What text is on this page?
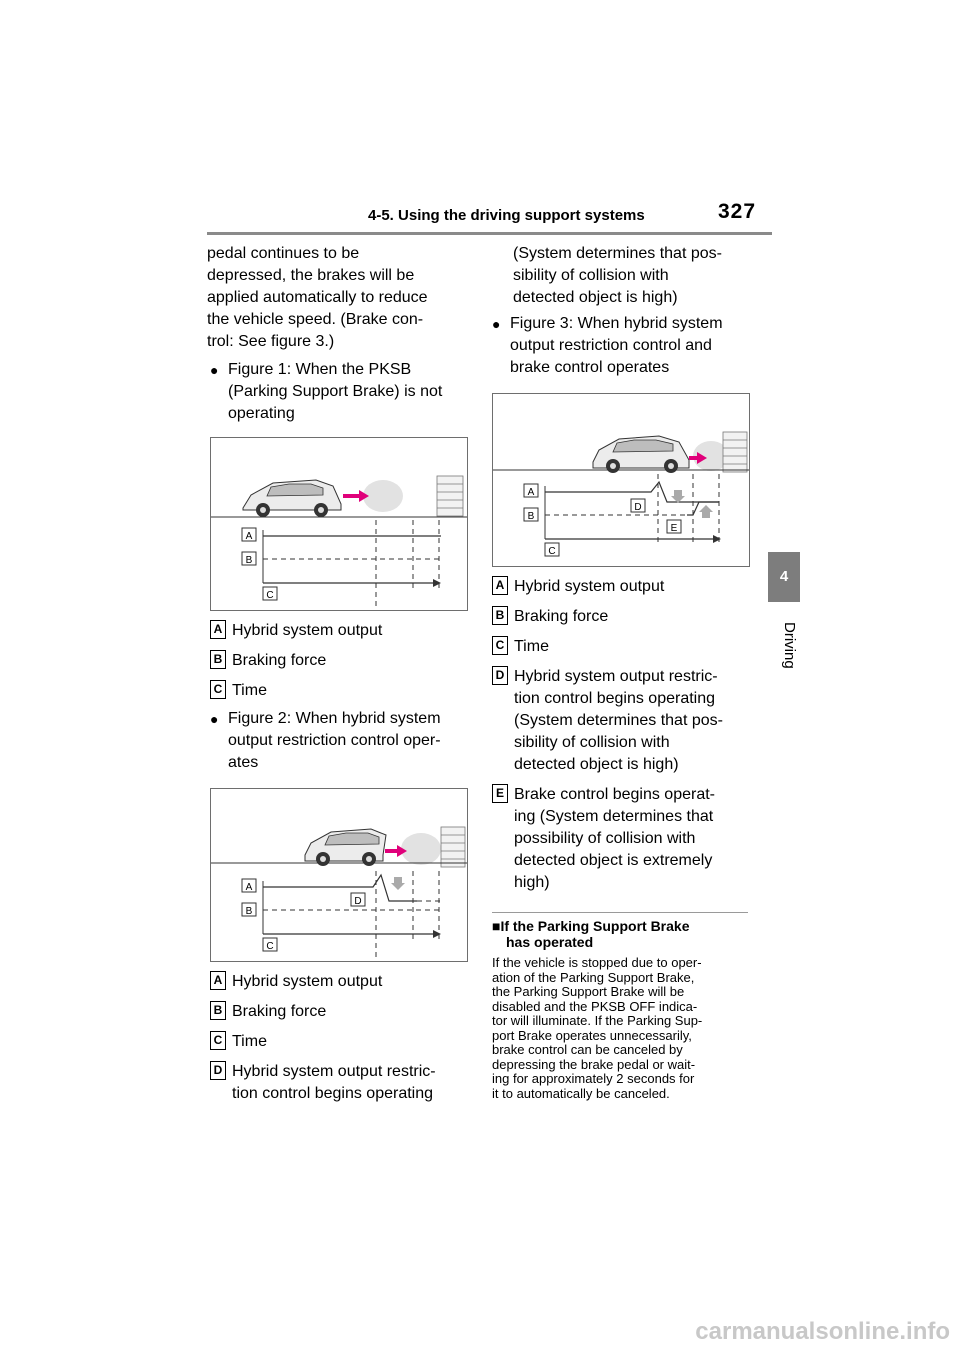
4-5. Using the driving support systems	327
4
Driving
pedal continues to be
depressed, the brakes will be
applied automatically to reduce
the vehicle speed. (Brake con-
trol: See figure 3.)
● Figure 1: When the PKSB
(Parking Support Brake) is not
operating
A
B
C
A Hybrid system output
B Braking force
C Time
● Figure 2: When hybrid system
output restriction control oper-
ates
A
B
C
D
A Hybrid system output
B Braking force
C Time
D Hybrid system output restric-
tion control begins operating
(System determines that pos-
sibility of collision with
detected object is high)
● Figure 3: When hybrid system
output restriction control and
brake control operates
A
B
C
D
E
A Hybrid system output
B Braking force
C Time
D Hybrid system output restric-
tion control begins operating
(System determines that pos-
sibility of collision with
detected object is high)
E Brake control begins operat-
ing (System determines that
possibility of collision with
detected object is extremely
high)
■If the Parking Support Brake
has operated
If the vehicle is stopped due to oper-
ation of the Parking Support Brake,
the Parking Support Brake will be
disabled and the PKSB OFF indica-
tor will illuminate. If the Parking Sup-
port Brake operates unnecessarily,
brake control can be canceled by
depressing the brake pedal or wait-
ing for approximately 2 seconds for
it to automatically be canceled.
carmanualsonline.info
